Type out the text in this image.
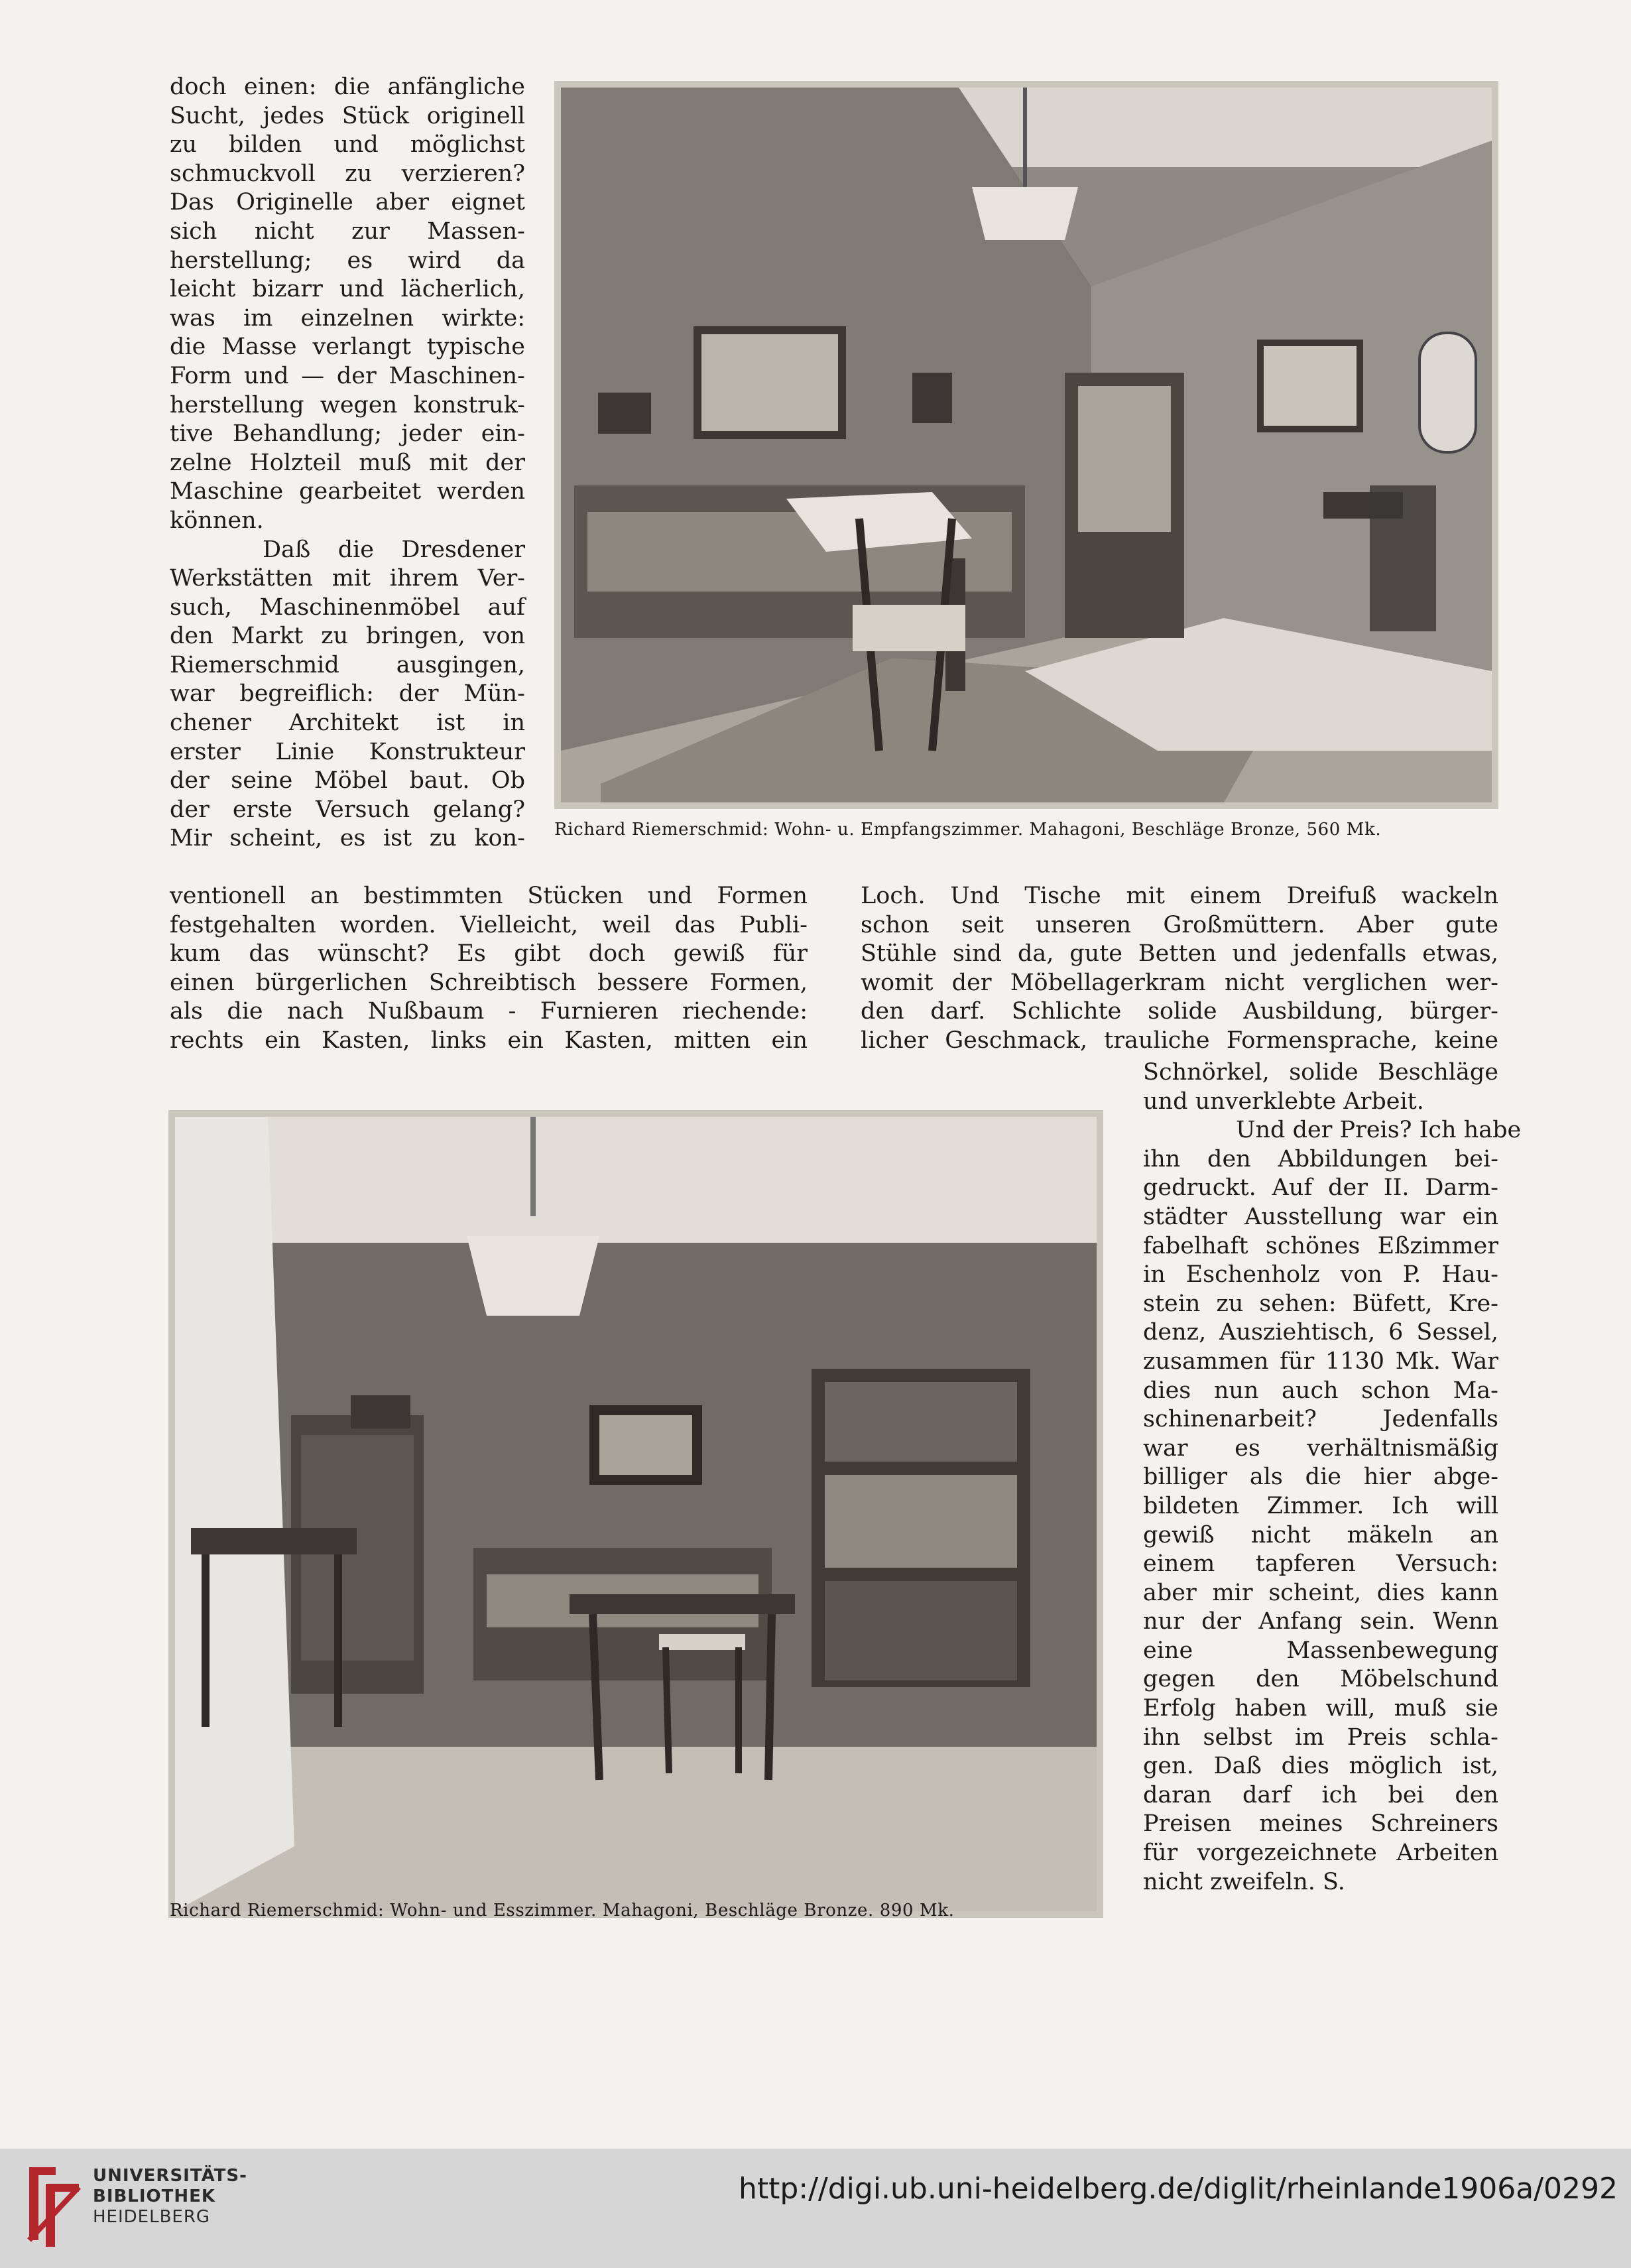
doch einen: die anfängliche

Sucht, jedes Stück originell

zu bilden und möglichst

schmuckvoll zu verzieren?

Das Originelle aber eignet

sich nicht zur Massen-

herstellung; es wird da

leicht bizarr und lächerlich,

was im einzelnen wirkte:

die Masse verlangt typische

Form und — der Maschinen-

herstellung wegen konstruk-

tive Behandlung; jeder ein-

zelne Holzteil muß mit der

Maschine gearbeitet werden

können.

Daß die Dresdener

Werkstätten mit ihrem Ver-

such, Maschinenmöbel auf

den Markt zu bringen, von

Riemerschmid ausgingen,

war begreiflich: der Mün-

chener Architekt ist in

erster Linie Konstrukteur

der seine Möbel baut. Ob

der erste Versuch gelang?

Mir scheint, es ist zu kon- Richard Riemerschmid: Wohn- u. Empfangszimmer. Mahagoni, Beschläge Bronze, 560 Mk.

ventionell an bestimmten Stücken und Formen

festgehalten worden. Vielleicht, weil das Publi-

kum das wünscht? Es gibt doch gewiß für

einen bürgerlichen Schreibtisch bessere Formen,

als die nach Nußbaum - Furnieren riechende:

rechts ein Kasten, links ein Kasten, mitten ein

Loch. Und Tische mit einem Dreifuß wackeln

schon seit unseren Großmüttern. Aber gute

Stühle sind da, gute Betten und jedenfalls etwas,

womit der Möbellagerkram nicht verglichen wer-

den darf. Schlichte solide Ausbildung, bürger-

licher Geschmack, trauliche Formensprache, keine

Richard Riemerschmid: Wohn- und Esszimmer. Mahagoni, Beschläge Bronze. 890 Mk.

Schnörkel, solide Beschläge

und unverklebte Arbeit.

Und der Preis? Ich habe

ihn den Abbildungen bei-

gedruckt. Auf der II. Darm-

städter Ausstellung war ein

fabelhaft schönes Eßzimmer

in Eschenholz von P. Hau-

stein zu sehen: Büfett, Kre-

denz, Ausziehtisch, 6 Sessel,

zusammen für 1130 Mk. War

dies nun auch schon Ma-

schinenarbeit? Jedenfalls

war es verhältnismäßig

billiger als die hier abge-

bildeten Zimmer. Ich will

gewiß nicht mäkeln an

einem tapferen Versuch:

aber mir scheint, dies kann

nur der Anfang sein. Wenn

eine Massenbewegung

gegen den Möbelschund

Erfolg haben will, muß sie

ihn selbst im Preis schla-

gen. Daß dies möglich ist,

daran darf ich bei den

Preisen meines Schreiners

für vorgezeichnete Arbeiten

nicht zweifeln. S.

UNIVERSITÄTS-
BIBLIOTHEK
HEIDELBERG
http://digi.ub.uni-heidelberg.de/diglit/rheinlande1906a/0292
